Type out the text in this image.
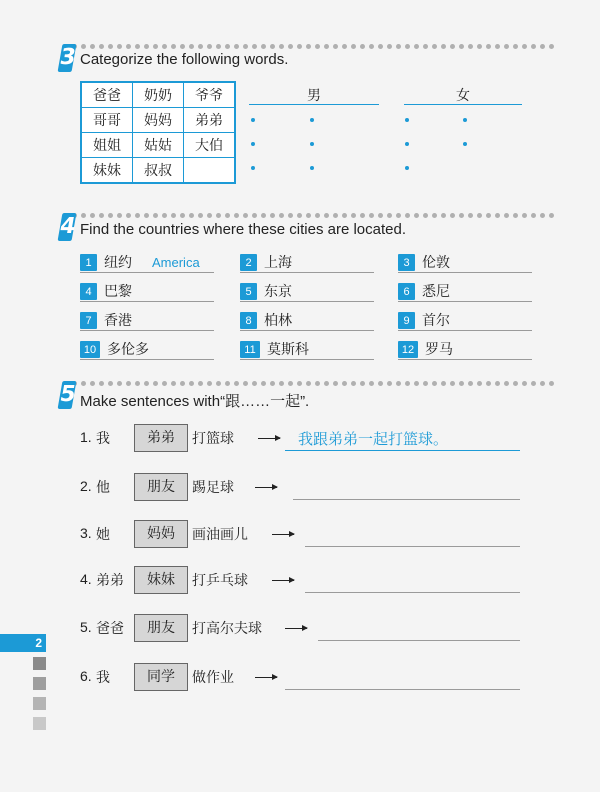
3 Categorize the following words.
爸爸	奶奶	爷爷
哥哥	妈妈	弟弟
姐姐	姑姑	大伯
妹妹	叔叔	
男	女
4 Find the countries where these cities are located.
1 纽约 America	2 上海	3 伦敦
4 巴黎	5 东京	6 悉尼
7 香港	8 柏林	9 首尔
10 多伦多	11 莫斯科	12 罗马
5 Make sentences with“跟……一起”.
1. 我	弟弟	打篮球	我跟弟弟一起打篮球。
2. 他	朋友	踢足球
3. 她	妈妈	画油画儿
4. 弟弟	妹妹	打乒乓球
5. 爸爸	朋友	打高尔夫球
6. 我	同学	做作业
2
